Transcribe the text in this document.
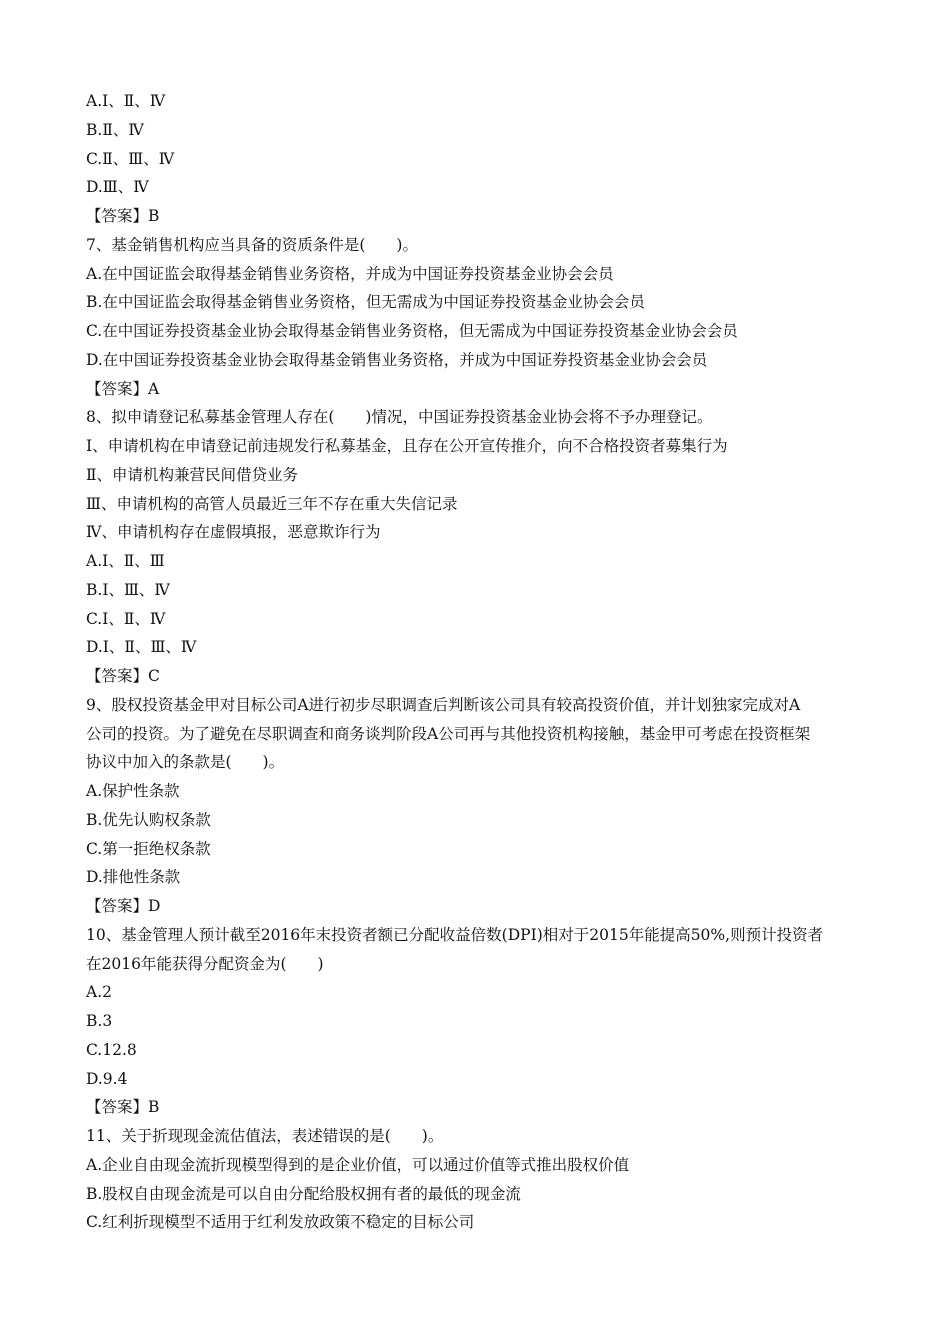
A.Ⅰ、Ⅱ、Ⅳ
B.Ⅱ、Ⅳ
C.Ⅱ、Ⅲ、Ⅳ
D.Ⅲ、Ⅳ
【答案】B
7、基金销售机构应当具备的资质条件是(　　)。
A.在中国证监会取得基金销售业务资格，并成为中国证券投资基金业协会会员
B.在中国证监会取得基金销售业务资格，但无需成为中国证券投资基金业协会会员
C.在中国证券投资基金业协会取得基金销售业务资格，但无需成为中国证券投资基金业协会会员
D.在中国证券投资基金业协会取得基金销售业务资格，并成为中国证券投资基金业协会会员
【答案】A
8、拟申请登记私募基金管理人存在(　　)情况，中国证券投资基金业协会将不予办理登记。
Ⅰ、申请机构在申请登记前违规发行私募基金，且存在公开宣传推介，向不合格投资者募集行为
Ⅱ、申请机构兼营民间借贷业务
Ⅲ、申请机构的高管人员最近三年不存在重大失信记录
Ⅳ、申请机构存在虚假填报，恶意欺诈行为
A.Ⅰ、Ⅱ、Ⅲ
B.Ⅰ、Ⅲ、Ⅳ
C.Ⅰ、Ⅱ、Ⅳ
D.Ⅰ、Ⅱ、Ⅲ、Ⅳ
【答案】C
9、股权投资基金甲对目标公司A进行初步尽职调查后判断该公司具有较高投资价值，并计划独家完成对A
公司的投资。为了避免在尽职调查和商务谈判阶段A公司再与其他投资机构接触，基金甲可考虑在投资框架
协议中加入的条款是(　　)。
A.保护性条款
B.优先认购权条款
C.第一拒绝权条款
D.排他性条款
【答案】D
10、基金管理人预计截至2016年末投资者额已分配收益倍数(DPI)相对于2015年能提高50%,则预计投资者
在2016年能获得分配资金为(　　)
A.2
B.3
C.12.8
D.9.4
【答案】B
11、关于折现现金流估值法，表述错误的是(　　)。
A.企业自由现金流折现模型得到的是企业价值，可以通过价值等式推出股权价值
B.股权自由现金流是可以自由分配给股权拥有者的最低的现金流
C.红利折现模型不适用于红利发放政策不稳定的目标公司
